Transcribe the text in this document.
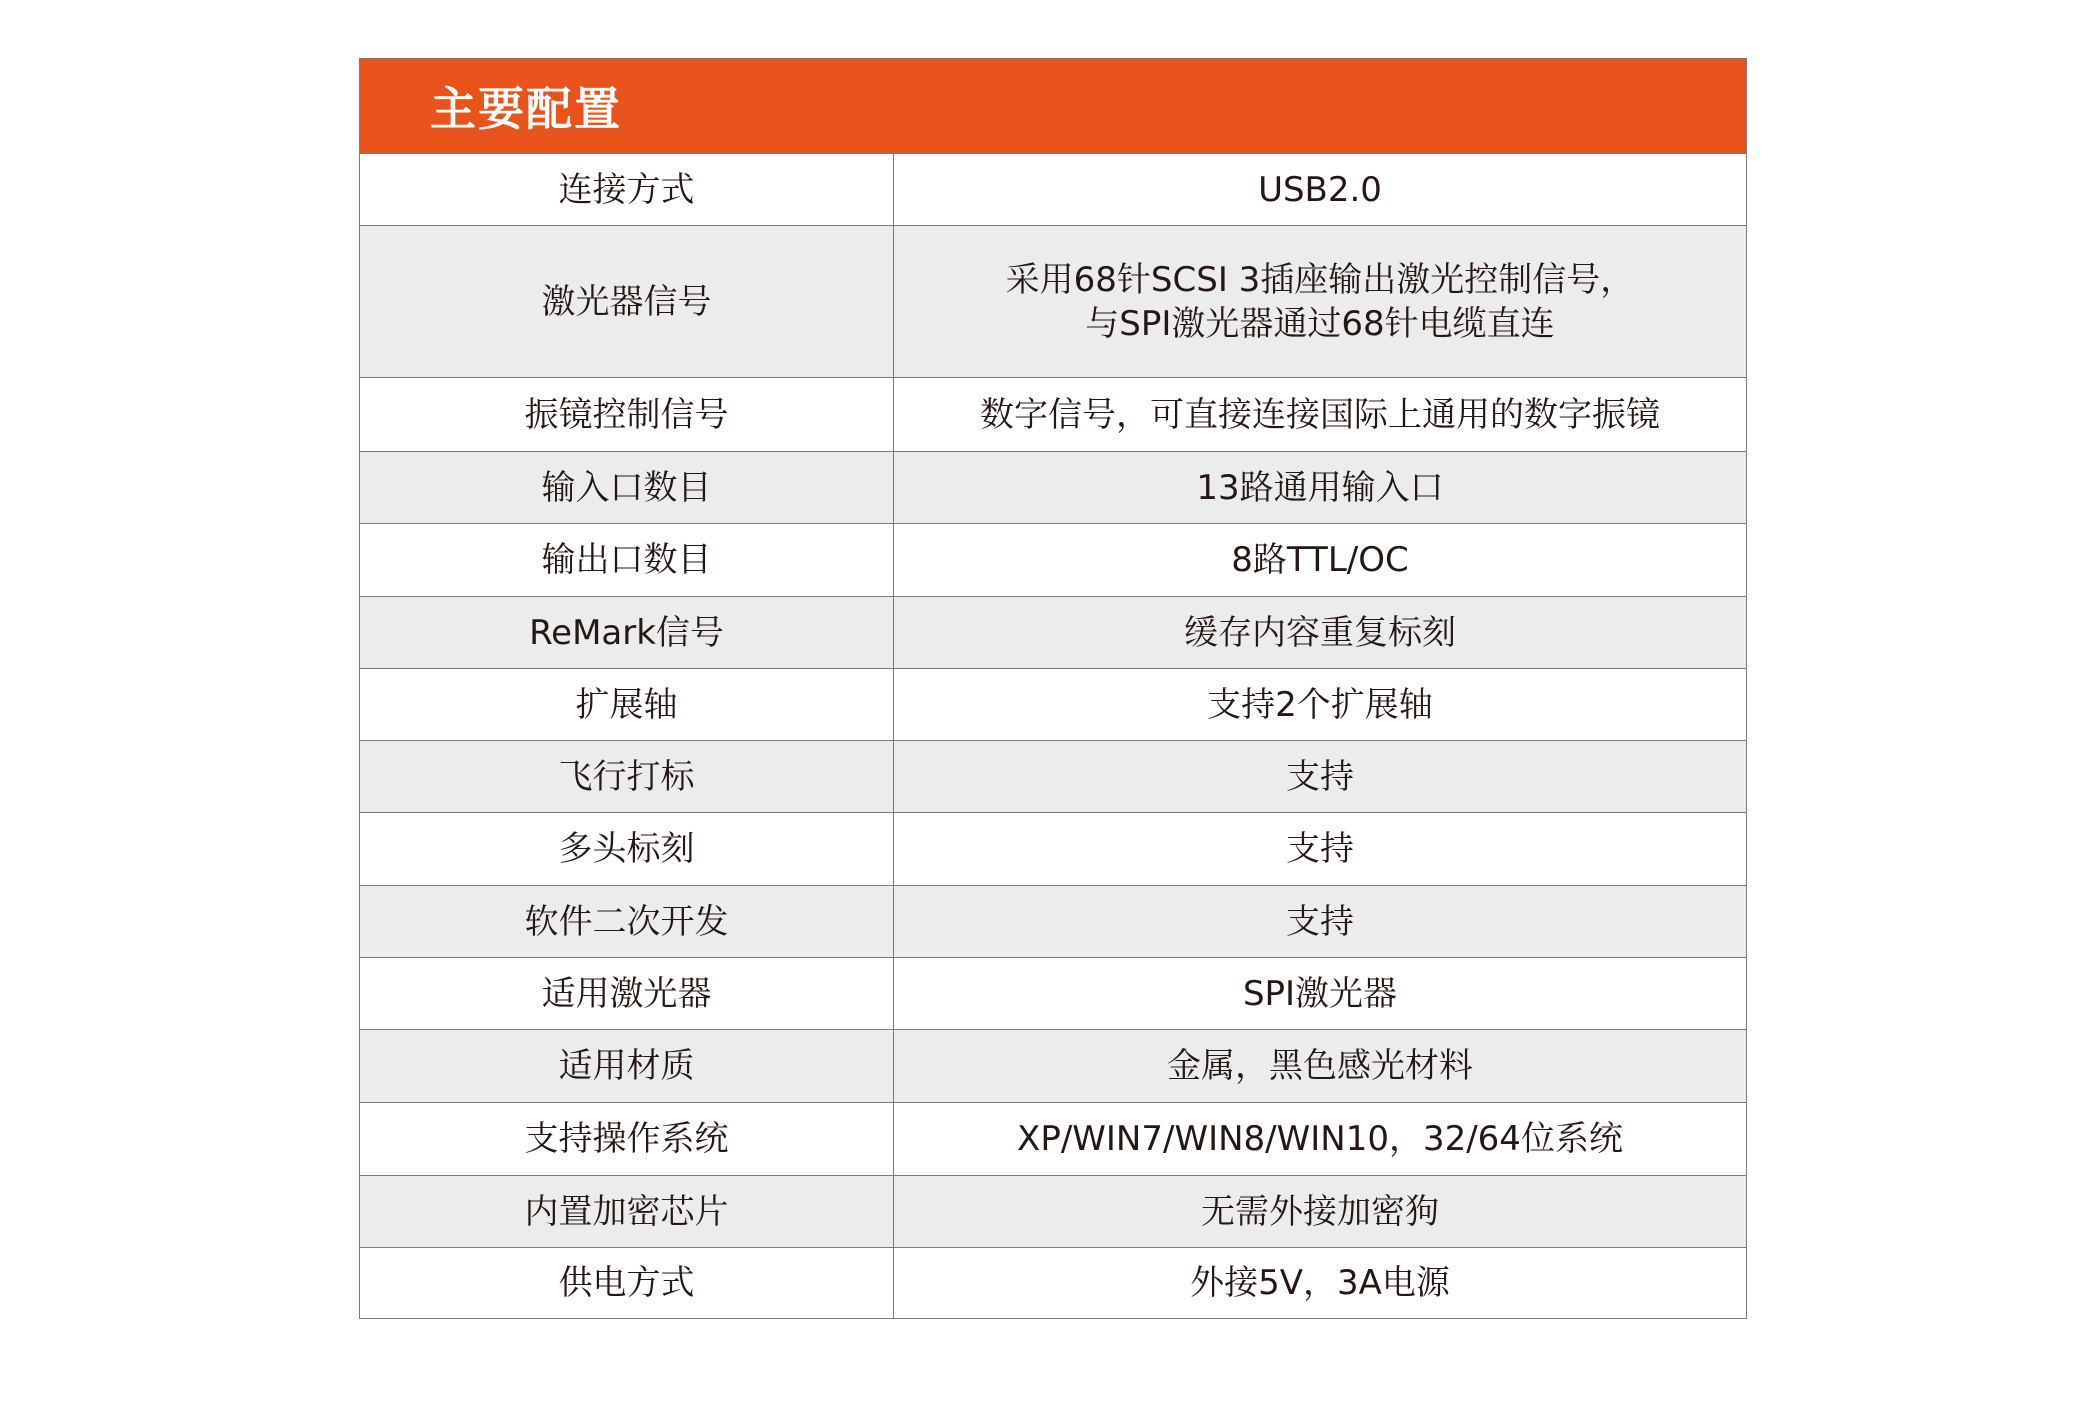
主要配置
连接方式	USB2.0

激光器信号	采用68针SCSI 3插座输出激光控制信号，
与SPI激光器通过68针电缆直连

振镜控制信号	数字信号，可直接连接国际上通用的数字振镜

输入口数目	13路通用输入口

输出口数目	8路TTL/OC

ReMark信号	缓存内容重复标刻

扩展轴	支持2个扩展轴

飞行打标	支持

多头标刻	支持

软件二次开发	支持

适用激光器	SPI激光器

适用材质	金属，黑色感光材料

支持操作系统	XP/WIN7/WIN8/WIN10，32/64位系统

内置加密芯片	无需外接加密狗

供电方式	外接5V，3A电源
